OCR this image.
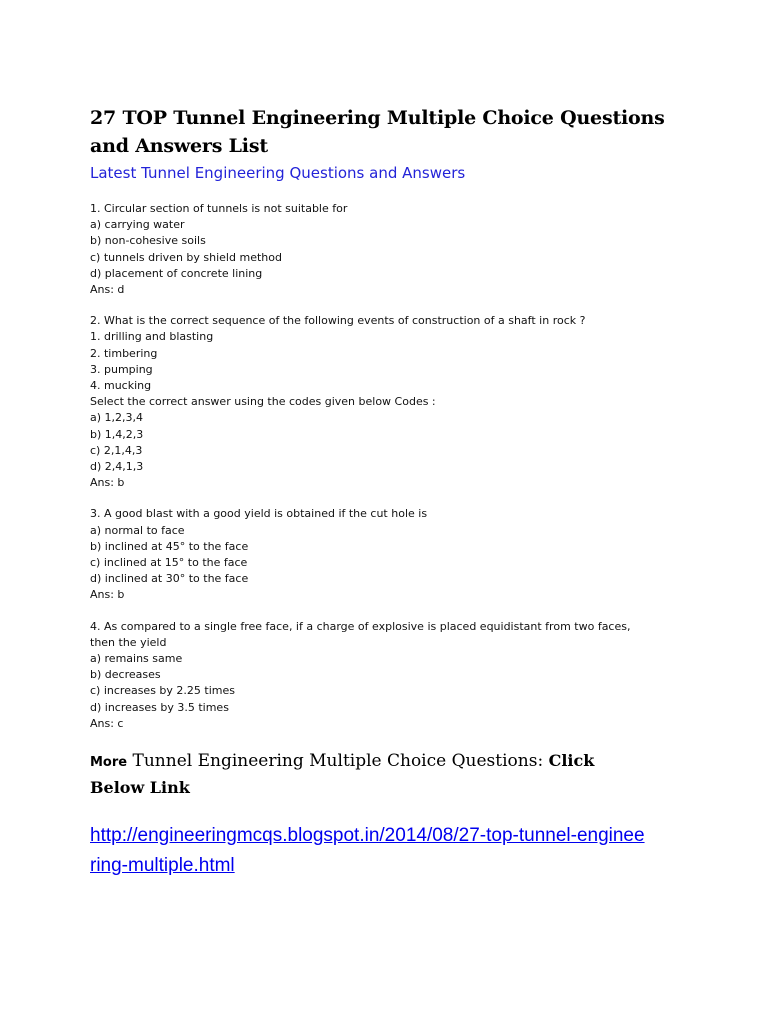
27 TOP Tunnel Engineering Multiple Choice Questions and Answers List
Latest Tunnel Engineering Questions and Answers
1. Circular section of tunnels is not suitable for
a) carrying water
b) non-cohesive soils
c) tunnels driven by shield method
d) placement of concrete lining
Ans: d
2. What is the correct sequence of the following events of construction of a shaft in rock ?
1. drilling and blasting
2. timbering
3. pumping
4. mucking
Select the correct answer using the codes given below Codes :
a) 1,2,3,4
b) 1,4,2,3
c) 2,1,4,3
d) 2,4,1,3
Ans: b
3. A good blast with a good yield is obtained if the cut hole is
a) normal to face
b) inclined at 45° to the face
c) inclined at 15° to the face
d) inclined at 30° to the face
Ans: b
4. As compared to a single free face, if a charge of explosive is placed equidistant from two faces, then the yield
a) remains same
b) decreases
c) increases by 2.25 times
d) increases by 3.5 times
Ans: c
More Tunnel Engineering Multiple Choice Questions: Click Below Link
http://engineeringmcqs.blogspot.in/2014/08/27-top-tunnel-engineering-multiple.html
